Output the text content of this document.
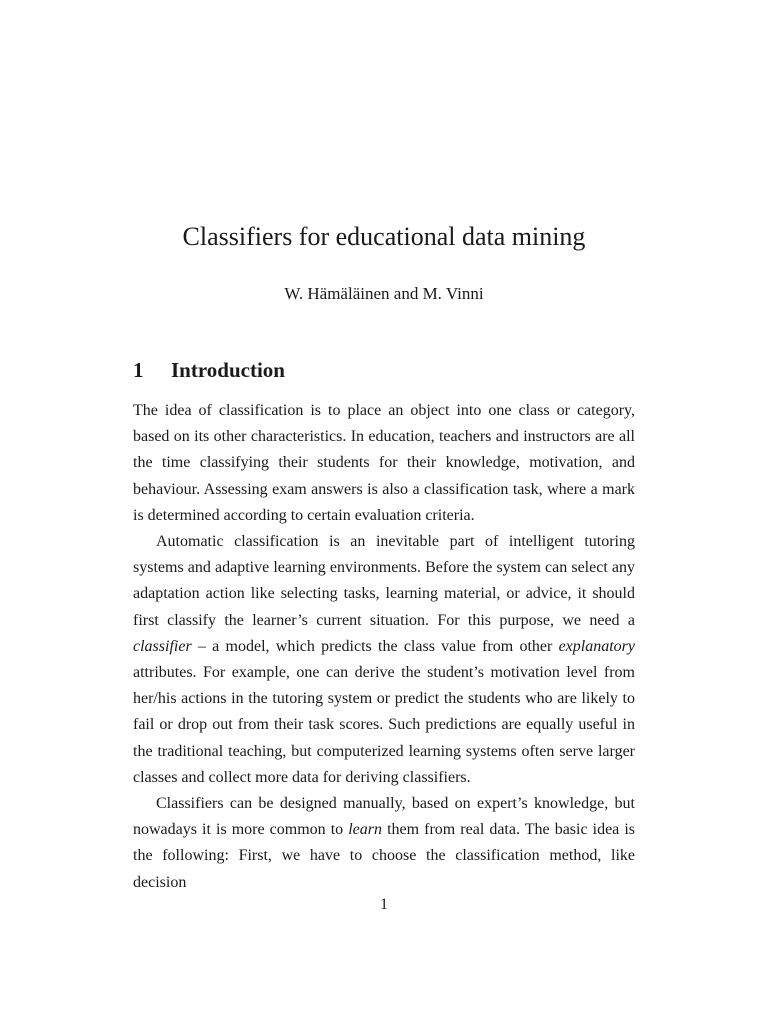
Classifiers for educational data mining
W. Hämäläinen and M. Vinni
1 Introduction

The idea of classification is to place an object into one class or category, based on its other characteristics. In education, teachers and instructors are all the time classifying their students for their knowledge, motivation, and behaviour. Assessing exam answers is also a classification task, where a mark is determined according to certain evaluation criteria.

Automatic classification is an inevitable part of intelligent tutoring systems and adaptive learning environments. Before the system can select any adaptation action like selecting tasks, learning material, or advice, it should first classify the learner’s current situation. For this purpose, we need a classifier – a model, which predicts the class value from other explanatory attributes. For example, one can derive the student’s motivation level from her/his actions in the tutoring system or predict the students who are likely to fail or drop out from their task scores. Such predictions are equally useful in the traditional teaching, but computerized learning systems often serve larger classes and collect more data for deriving classifiers.

Classifiers can be designed manually, based on expert’s knowledge, but nowadays it is more common to learn them from real data. The basic idea is the following: First, we have to choose the classification method, like decision

1
